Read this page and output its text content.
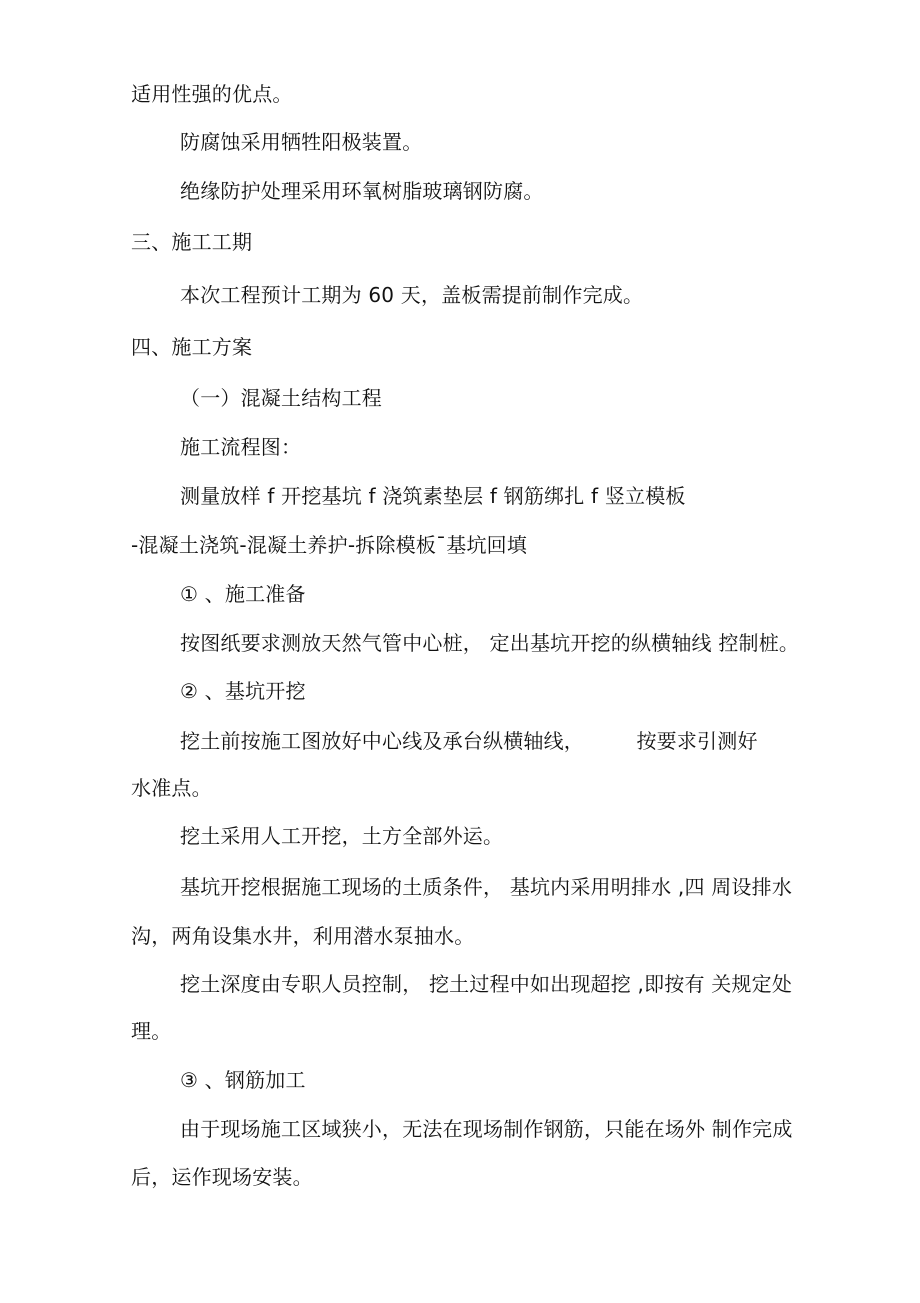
适用性强的优点。
防腐蚀采用牺牲阳极装置。
绝缘防护处理采用环氧树脂玻璃钢防腐。
三、施工工期
本次工程预计工期为 60 天，盖板需提前制作完成。
四、施工方案
（一）混凝土结构工程
施工流程图：
测量放样 f 开挖基坑 f 浇筑素垫层 f 钢筋绑扎 f 竖立模板
-混凝土浇筑-混凝土养护-拆除模板¯基坑回填
① 、施工准备
按图纸要求测放天然气管中心桩， 定出基坑开挖的纵横轴线 控制桩。
② 、基坑开挖
挖土前按施工图放好中心线及承台纵横轴线，        按要求引测好
水准点。
挖土采用人工开挖，土方全部外运。
基坑开挖根据施工现场的土质条件， 基坑内采用明排水 ,四 周设排水
沟，两角设集水井，利用潜水泵抽水。
挖土深度由专职人员控制， 挖土过程中如出现超挖 ,即按有 关规定处
理。
③ 、钢筋加工
由于现场施工区域狭小，无法在现场制作钢筋，只能在场外 制作完成
后，运作现场安装。
